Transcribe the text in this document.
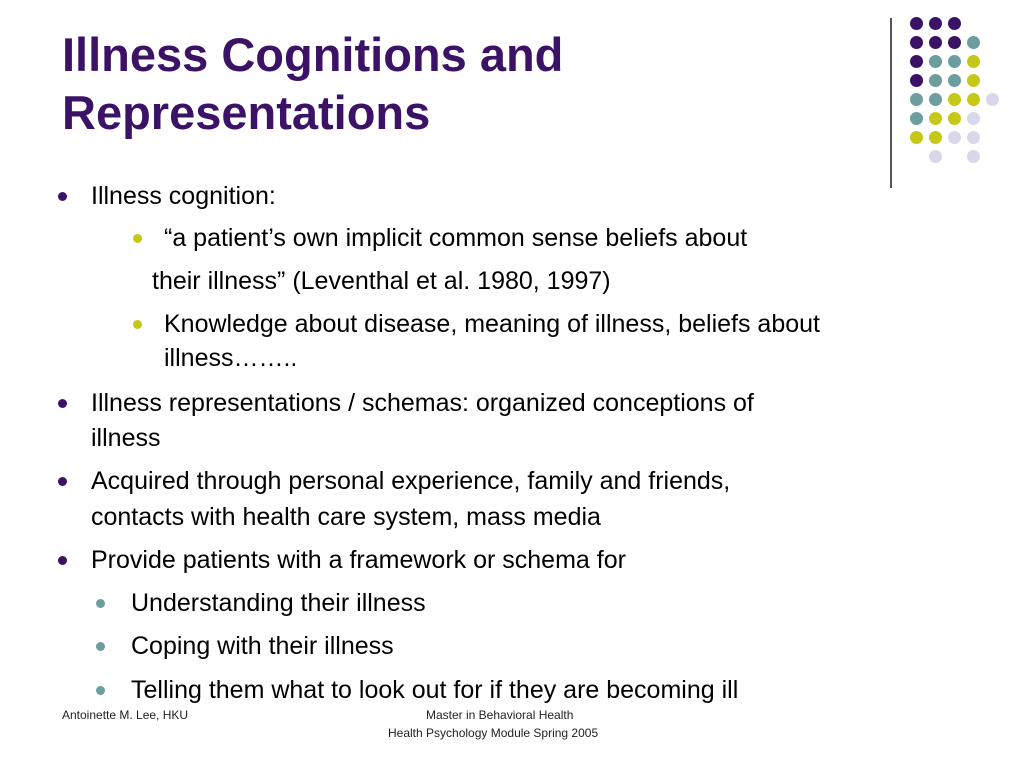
Illness Cognitions and
Representations
Illness cognition:
“a patient’s own implicit common sense beliefs about
their illness” (Leventhal et al. 1980, 1997)
Knowledge about disease, meaning of illness, beliefs about
illness……..
Illness representations / schemas: organized conceptions of
illness
Acquired through personal experience, family and friends,
contacts with health care system, mass media
Provide patients with a framework or schema for
Understanding their illness
Coping with their illness
Telling them what to look out for if they are becoming ill
Antoinette M. Lee, HKU	Master in Behavioral Health
Health Psychology Module Spring 2005
